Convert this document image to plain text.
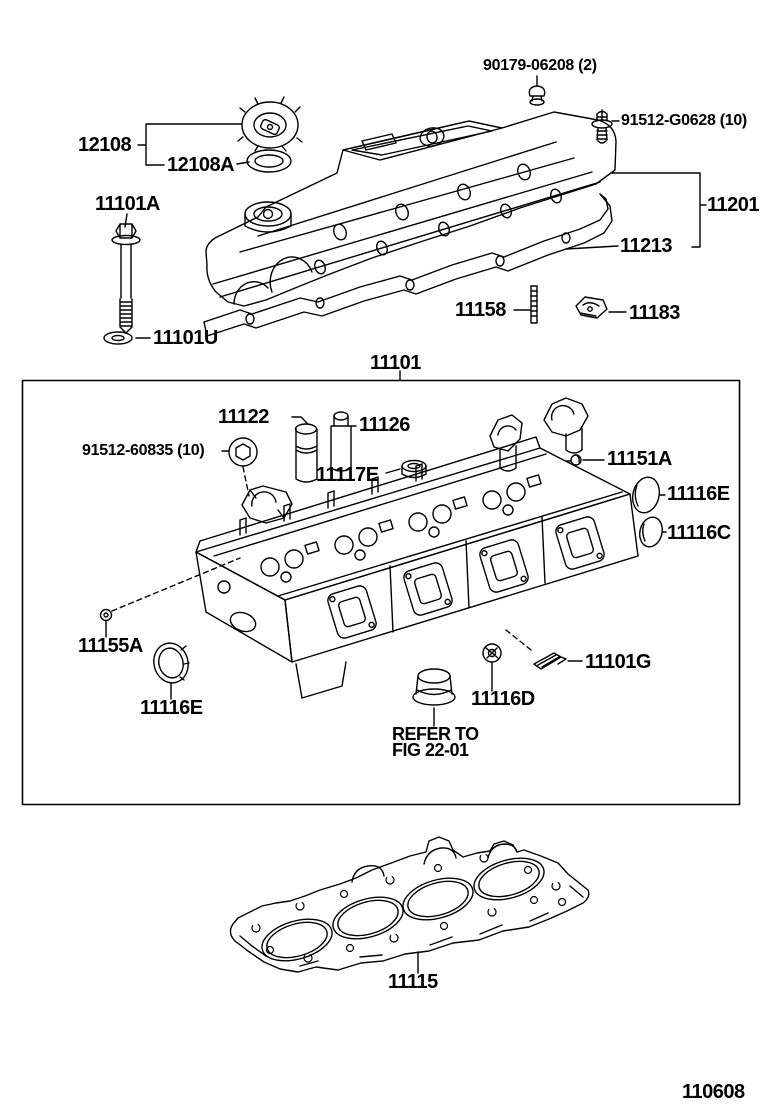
90179-06208 (2)
91512-G0628 (10)
12108
12108A
11101A
11101U
11201
11213
11158	11183
11101
11122	11126
91512-60835 (10)
11117E
11151A
11116E
11116C
11155A
11116E
11101G
11116D
11115
REFER TO
FIG 22-01
110608
